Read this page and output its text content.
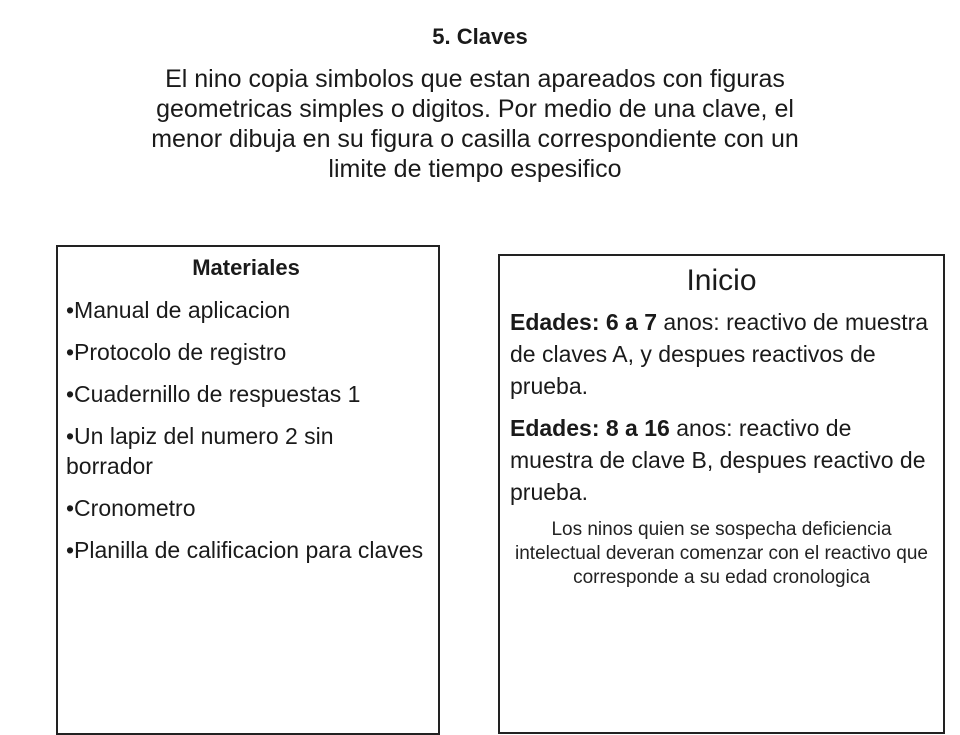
5. Claves

El nino copia simbolos que estan apareados con figuras geometricas simples o digitos. Por medio de una clave, el menor dibuja en su figura o casilla correspondiente con un limite de tiempo espesifico

Materiales
•Manual de aplicacion
•Protocolo de registro
•Cuadernillo de respuestas 1
•Un lapiz del numero 2 sin borrador
•Cronometro
•Planilla de calificacion para claves
Inicio

Edades: 6 a 7 anos: reactivo de muestra de claves A, y despues reactivos de prueba.

Edades: 8 a 16 anos: reactivo de muestra de clave B, despues reactivo de prueba.

Los ninos quien se sospecha deficiencia intelectual deveran comenzar con el reactivo que corresponde a su edad cronologica
